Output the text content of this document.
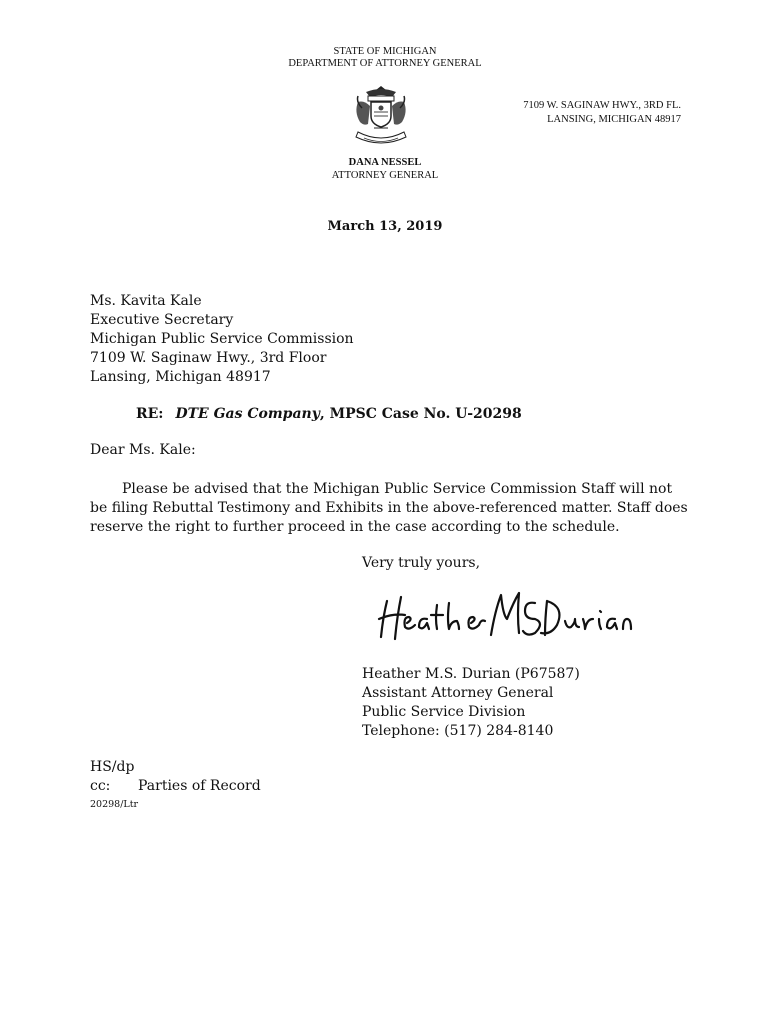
STATE OF MICHIGAN
DEPARTMENT OF ATTORNEY GENERAL
7109 W. SAGINAW HWY., 3RD FL.
LANSING, MICHIGAN 48917
DANA NESSEL
ATTORNEY GENERAL
March 13, 2019
Ms. Kavita Kale
Executive Secretary
Michigan Public Service Commission
7109 W. Saginaw Hwy., 3rd Floor
Lansing, Michigan 48917
RE: DTE Gas Company, MPSC Case No. U-20298
Dear Ms. Kale:
Please be advised that the Michigan Public Service Commission Staff will not be filing Rebuttal Testimony and Exhibits in the above-referenced matter. Staff does reserve the right to further proceed in the case according to the schedule.
Very truly yours,
Heather M.S. Durian (P67587)
Assistant Attorney General
Public Service Division
Telephone: (517) 284-8140
HS/dp
cc: Parties of Record
20298/Ltr
